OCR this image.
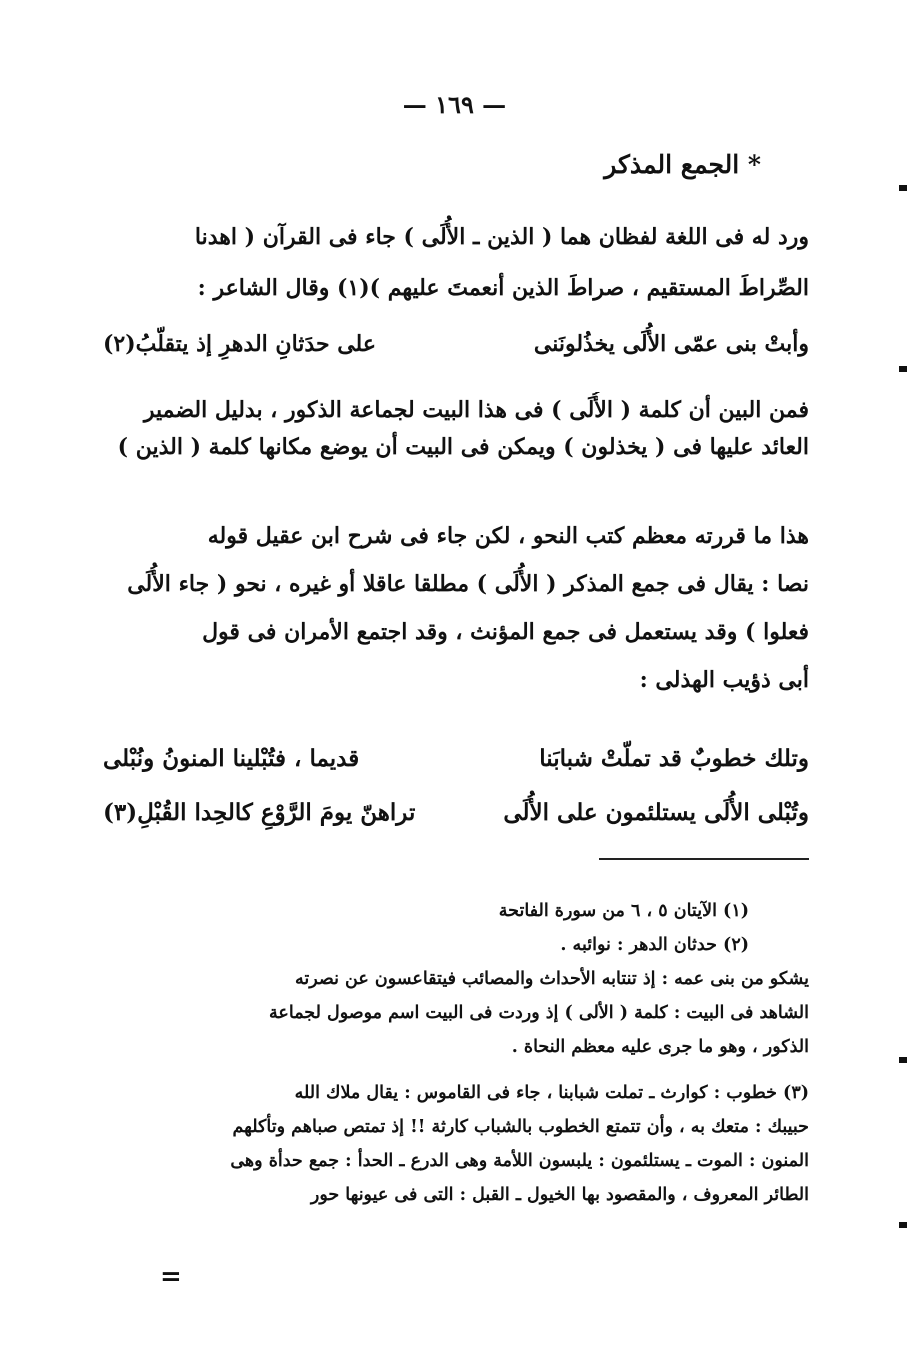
— ١٦٩ —
* الجمع المذكر
ورد له فى اللغة لفظان هما ( الذين ـ الأُلَى ) جاء فى القرآن ( اهدنا
الصِّراطَ المستقيم ، صراطَ الذين أنعمتَ عليهم )(١) وقال الشاعر :
وأبتْ بنى عمّى الأُلَى يخذُلونَنى
على حدَثانِ الدهرِ إذ يتقلّبُ(٢)
فمن البين أن كلمة ( الأُلَى ) فى هذا البيت لجماعة الذكور ، بدليل الضمير
العائد عليها فى ( يخذلون ) ويمكن فى البيت أن يوضع مكانها كلمة ( الذين )
هذا ما قررته معظم كتب النحو ، لكن جاء فى شرح ابن عقيل قوله
نصا : يقال فى جمع المذكر ( الأُلَى ) مطلقا عاقلا أو غيره ، نحو ( جاء الأُلَى
فعلوا ) وقد يستعمل فى جمع المؤنث ، وقد اجتمع الأمران فى قول
أبى ذؤيب الهذلى :
وتلك خطوبٌ قد تملّتْ شبابَنا
قديما ، فتُبْلينا المنونُ ونُبْلى
وتُبْلى الأُلَى يستلئمون على الأُلَى
تراهنّ يومَ الرَّوْعِ كالحِدا القُبْلِ(٣)
(١) الآيتان ٥ ، ٦ من سورة الفاتحة
(٢) حدثان الدهر : نوائبه .
يشكو من بنى عمه : إذ تنتابه الأحداث والمصائب فيتقاعسون عن نصرته
الشاهد فى البيت : كلمة ( الألى ) إذ وردت فى البيت اسم موصول لجماعة
الذكور ، وهو ما جرى عليه معظم النحاة .
(٣) خطوب : كوارث ـ تملت شبابنا ، جاء فى القاموس : يقال ملاك الله
حبيبك : متعك به ، وأن تتمتع الخطوب بالشباب كارثة !! إذ تمتص صباهم وتأكلهم
المنون : الموت ـ يستلئمون : يلبسون اللأمة وهى الدرع ـ الحدأ : جمع حدأة وهى
الطائر المعروف ، والمقصود بها الخيول ـ القبل : التى فى عيونها حور
=
